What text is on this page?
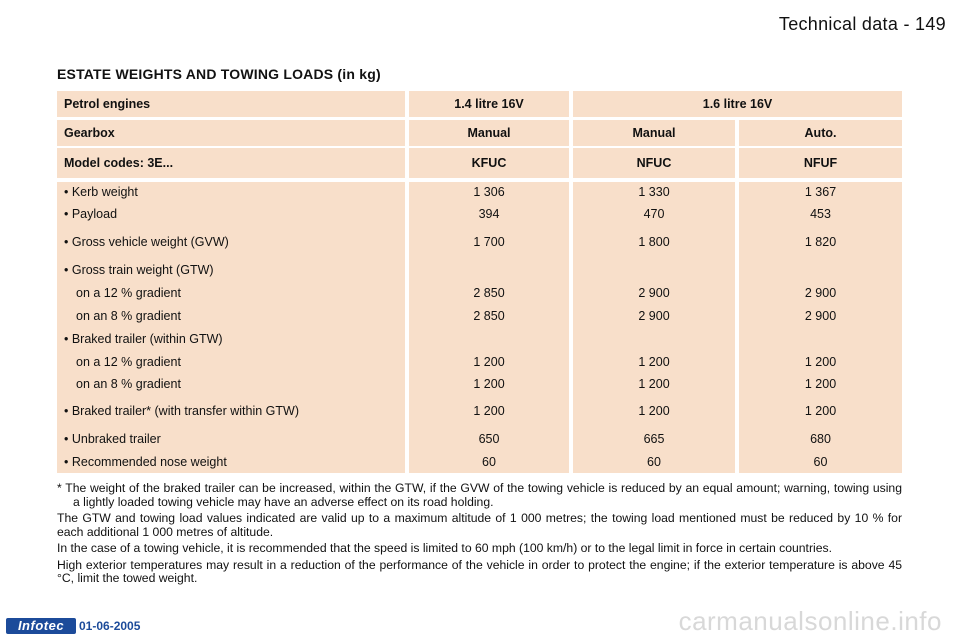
Technical data - 149
ESTATE WEIGHTS AND TOWING LOADS (in kg)
Petrol engines	1.4 litre 16V	1.6 litre 16V
Gearbox	Manual	Manual	Auto.
Model codes: 3E...	KFUC	NFUC	NFUF
• Kerb weight	1 306	1 330	1 367
• Payload	394	470	453
• Gross vehicle weight (GVW)	1 700	1 800	1 820
• Gross train weight (GTW)
on a 12 % gradient	2 850	2 900	2 900
on an 8 % gradient	2 850	2 900	2 900
• Braked trailer (within GTW)
on a 12 % gradient	1 200	1 200	1 200
on an 8 % gradient	1 200	1 200	1 200
• Braked trailer* (with transfer within GTW)	1 200	1 200	1 200
• Unbraked trailer	650	665	680
• Recommended nose weight	60	60	60

* The weight of the braked trailer can be increased, within the GTW, if the GVW of the towing vehicle is reduced by an equal amount; warning, towing using a lightly loaded towing vehicle may have an adverse effect on its road holding.

The GTW and towing load values indicated are valid up to a maximum altitude of 1 000 metres; the towing load mentioned must be reduced by 10 % for each additional 1 000 metres of altitude.

In the case of a towing vehicle, it is recommended that the speed is limited to 60 mph (100 km/h) or to the legal limit in force in certain countries.

High exterior temperatures may result in a reduction of the performance of the vehicle in order to protect the engine; if the exterior temperature is above 45 °C, limit the towed weight.

Infotec	01-06-2005	carmanualsonline.info
